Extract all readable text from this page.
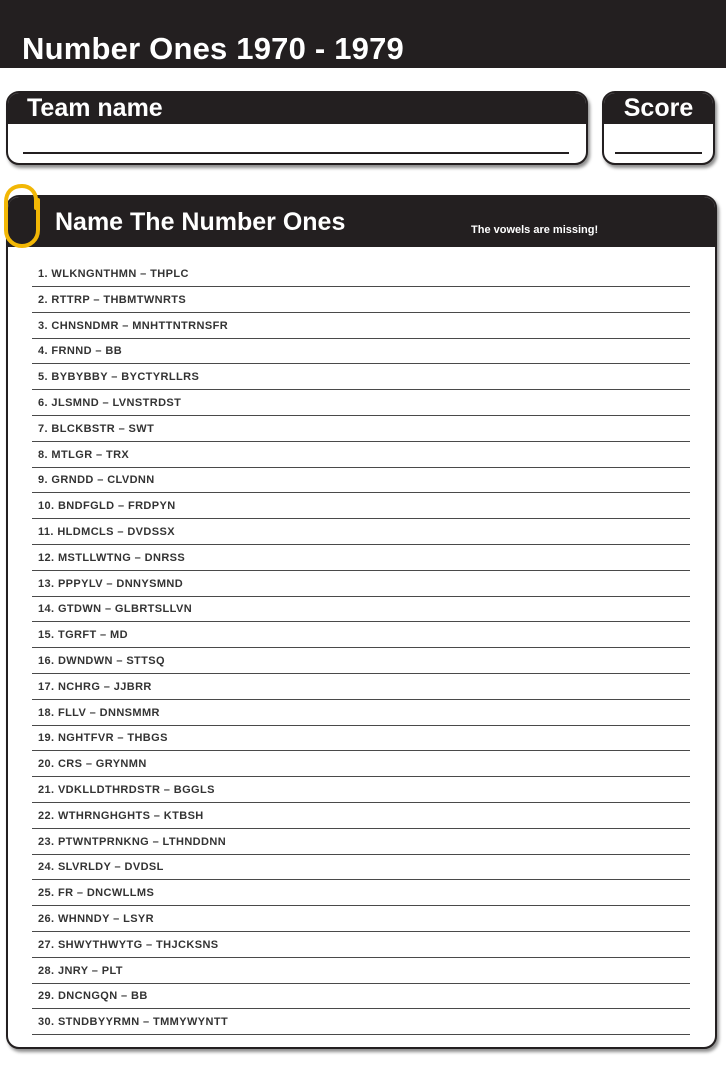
Number Ones 1970 - 1979
Team name	Score
Name The Number Ones	The vowels are missing!
1. WLKNGNTHMN – THPLC
2. RTTRP – THBMTWNRTS
3. CHNSNDMR – MNHTTNTRNSFR
4. FRNND – BB
5. BYBYBBY – BYCTYRLLRS
6. JLSMND – LVNSTRDST
7. BLCKBSTR – SWT
8. MTLGR – TRX
9. GRNDD – CLVDNN
10. BNDFGLD – FRDPYN
11. HLDMCLS – DVDSSX
12. MSTLLWTNG – DNRSS
13. PPPYLV – DNNYSMND
14. GTDWN – GLBRTSLLVN
15. TGRFT – MD
16. DWNDWN – STTSQ
17. NCHRG – JJBRR
18. FLLV – DNNSMMR
19. NGHTFVR – THBGS
20. CRS – GRYNMN
21. VDKLLDTHRDSTR – BGGLS
22. WTHRNGHGHTS – KTBSH
23. PTWNTPRNKNG – LTHNDDNN
24. SLVRLDY – DVDSL
25. FR – DNCWLLMS
26. WHNNDY – LSYR
27. SHWYTHWYTG – THJCKSNS
28. JNRY – PLT
29. DNCNGQN – BB
30. STNDBYYRMN – TMMYWYNTT
